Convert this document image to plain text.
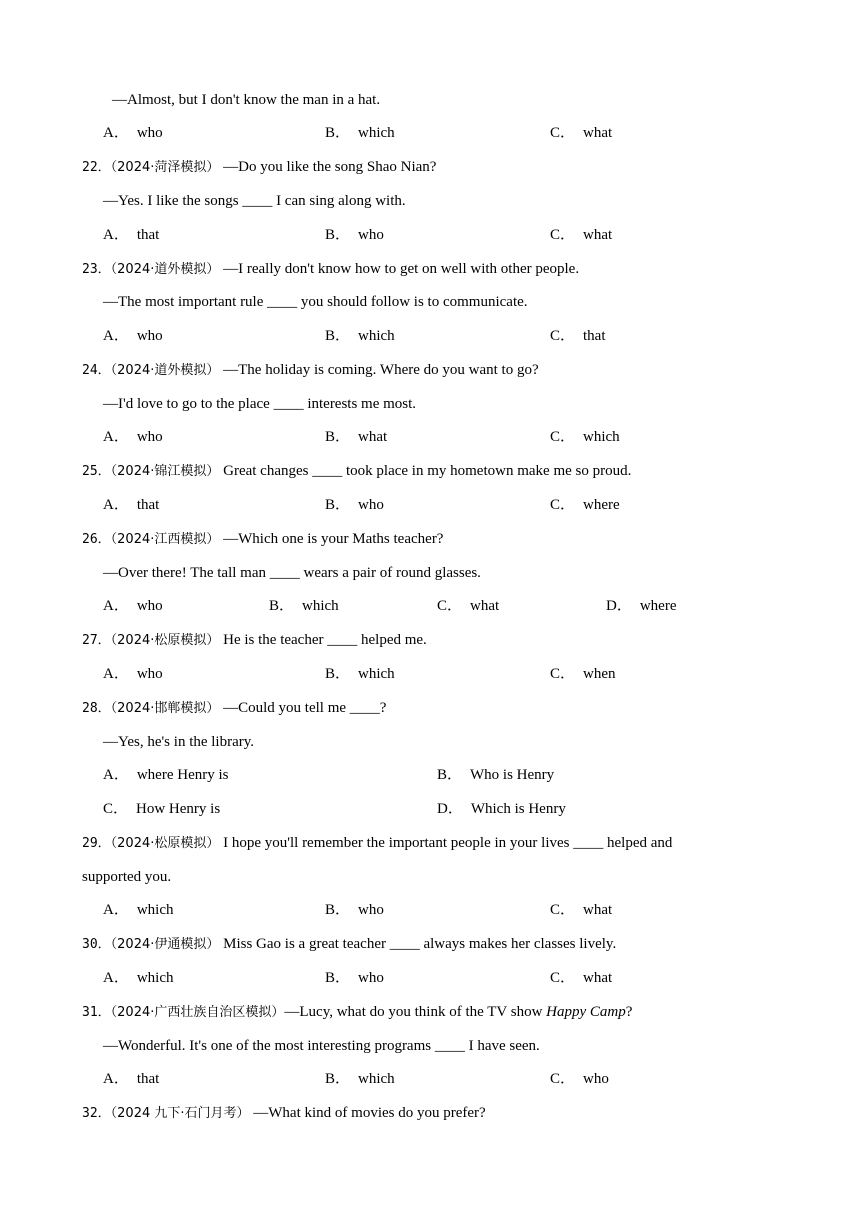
—Almost, but I don't know the man in a hat.
A． who	B． which	C． what
22．（2024·菏泽模拟） —Do you like the song Shao Nian?
—Yes. I like the songs ____ I can sing along with.
A． that	B． who	C． what
23．（2024·道外模拟） —I really don't know how to get on well with other people.
—The most important rule ____ you should follow is to communicate.
A． who	B． which	C． that
24．（2024·道外模拟） —The holiday is coming. Where do you want to go?
—I'd love to go to the place ____ interests me most.
A． who	B． what	C． which
25．（2024·锦江模拟） Great changes ____ took place in my hometown make me so proud.
A． that	B． who	C． where
26．（2024·江西模拟） —Which one is your Maths teacher?
—Over there! The tall man ____ wears a pair of round glasses.
A． who	B． which	C． what	D． where
27．（2024·松原模拟） He is the teacher ____ helped me.
A． who	B． which	C． when
28．（2024·邯郸模拟） —Could you tell me ____?
—Yes, he's in the library.
A． where Henry is	B． Who is Henry
C． How Henry is	D． Which is Henry
29．（2024·松原模拟） I hope you'll remember the important people in your lives ____ helped and
supported you.
A． which	B． who	C． what
30．（2024·伊通模拟） Miss Gao is a great teacher ____ always makes her classes lively.
A． which	B． who	C． what
31．（2024·广西壮族自治区模拟）—Lucy, what do you think of the TV show Happy Camp?
—Wonderful. It's one of the most interesting programs ____ I have seen.
A． that	B． which	C． who
32．（2024 九下·石门月考） —What kind of movies do you prefer?
